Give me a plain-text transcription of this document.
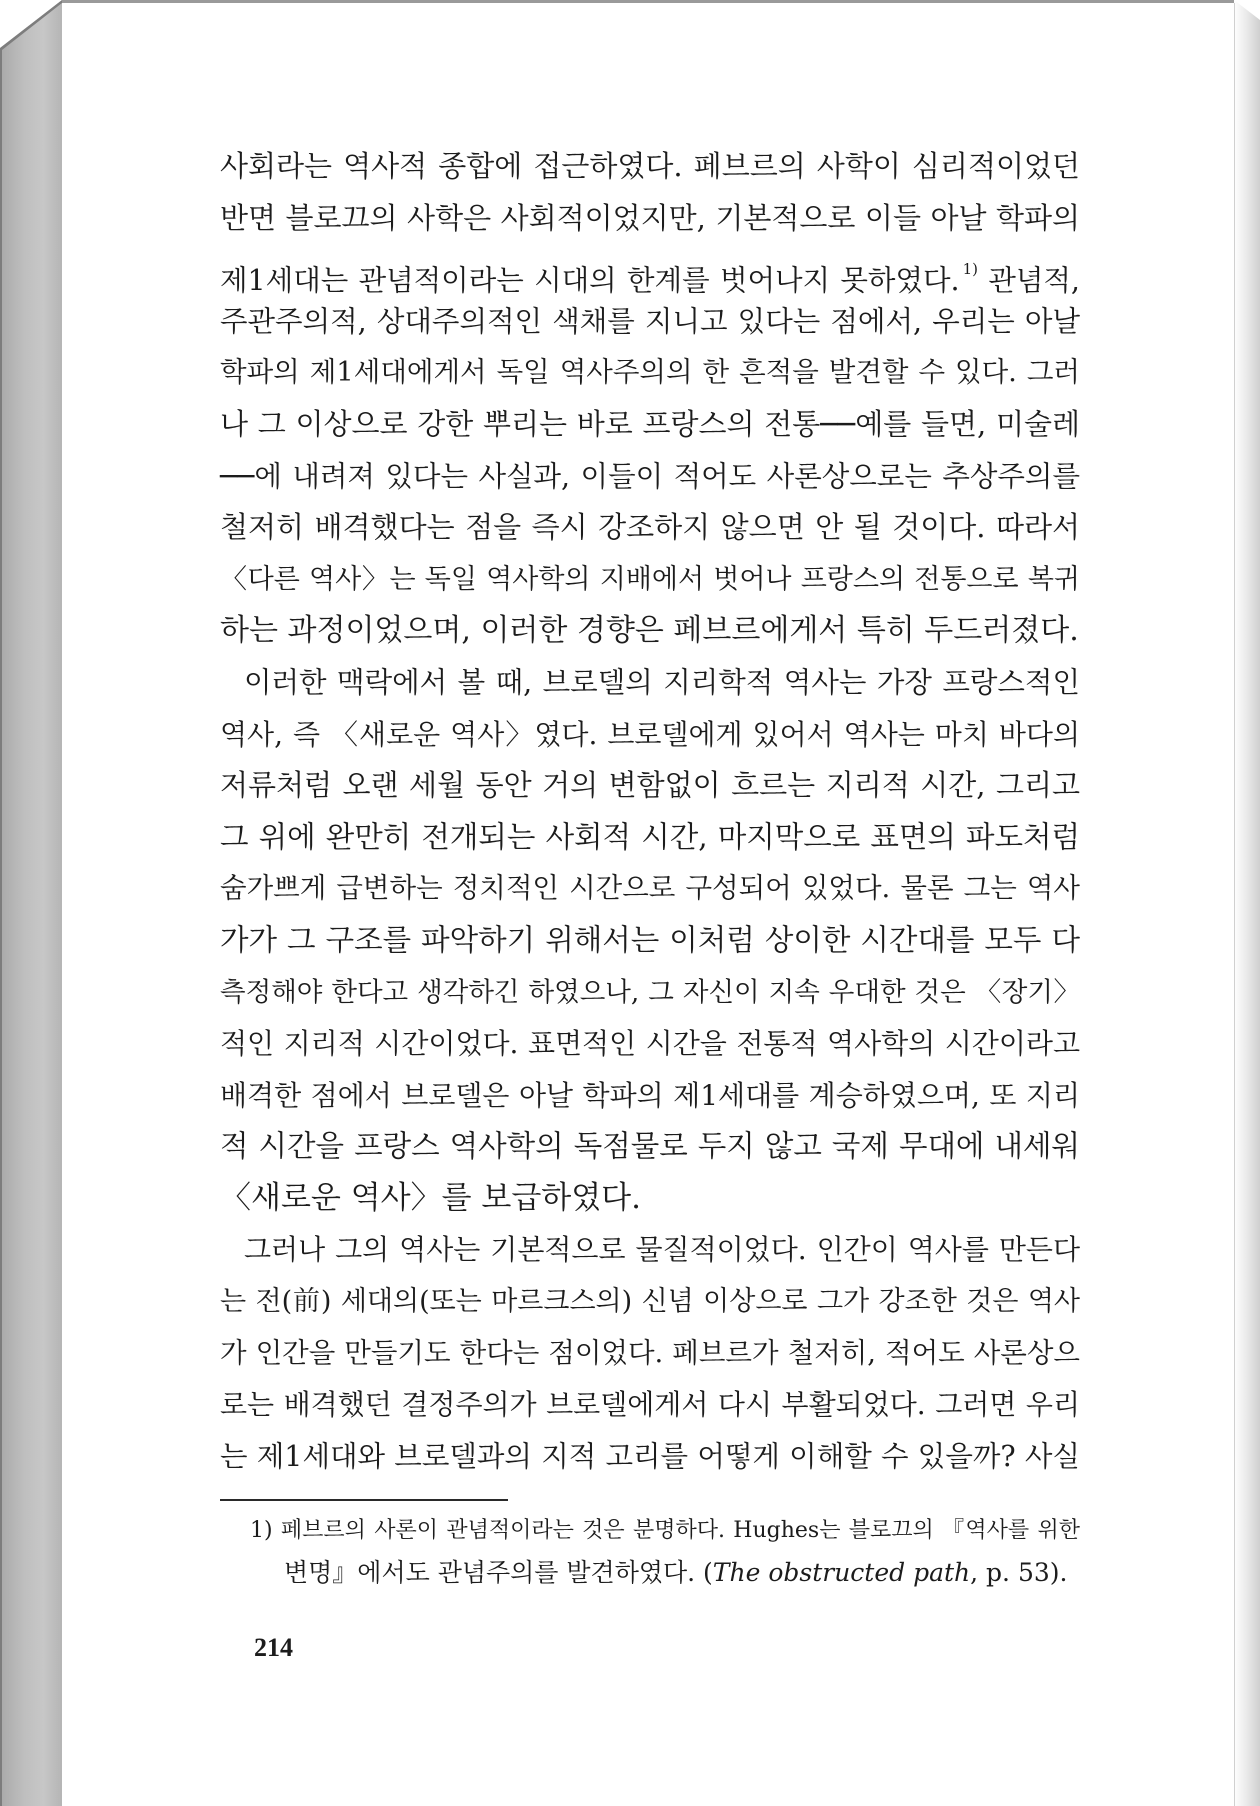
사회라는 역사적 종합에 접근하였다. 페브르의 사학이 심리적이었던
반면 블로끄의 사학은 사회적이었지만, 기본적으로 이들 아날 학파의
제1세대는 관념적이라는 시대의 한계를 벗어나지 못하였다. $^{1)}$ 관념적,
주관주의적, 상대주의적인 색채를 지니고 있다는 점에서, 우리는 아날
학파의 제1세대에게서 독일 역사주의의 한 흔적을 발견할 수 있다. 그러
나 그 이상으로 강한 뿌리는 바로 프랑스의 전통──예를 들면, 미술레
──에 내려져 있다는 사실과, 이들이 적어도 사론상으로는 추상주의를
철저히 배격했다는 점을 즉시 강조하지 않으면 안 될 것이다. 따라서
〈다른 역사〉는 독일 역사학의 지배에서 벗어나 프랑스의 전통으로 복귀
하는 과정이었으며, 이러한 경향은 페브르에게서 특히 두드러졌다.
이러한 맥락에서 볼 때, 브로델의 지리학적 역사는 가장 프랑스적인
역사, 즉 〈새로운 역사〉였다. 브로델에게 있어서 역사는 마치 바다의
저류처럼 오랜 세월 동안 거의 변함없이 흐르는 지리적 시간, 그리고
그 위에 완만히 전개되는 사회적 시간, 마지막으로 표면의 파도처럼
숨가쁘게 급변하는 정치적인 시간으로 구성되어 있었다. 물론 그는 역사
가가 그 구조를 파악하기 위해서는 이처럼 상이한 시간대를 모두 다
측정해야 한다고 생각하긴 하였으나, 그 자신이 지속 우대한 것은 〈장기〉
적인 지리적 시간이었다. 표면적인 시간을 전통적 역사학의 시간이라고
배격한 점에서 브로델은 아날 학파의 제1세대를 계승하였으며, 또 지리
적 시간을 프랑스 역사학의 독점물로 두지 않고 국제 무대에 내세워
〈새로운 역사〉를 보급하였다.
그러나 그의 역사는 기본적으로 물질적이었다. 인간이 역사를 만든다
는 전(前) 세대의(또는 마르크스의) 신념 이상으로 그가 강조한 것은 역사
가 인간을 만들기도 한다는 점이었다. 페브르가 철저히, 적어도 사론상으
로는 배격했던 결정주의가 브로델에게서 다시 부활되었다. 그러면 우리
는 제1세대와 브로델과의 지적 고리를 어떻게 이해할 수 있을까? 사실
1) 페브르의 사론이 관념적이라는 것은 분명하다. Hughes는 블로끄의 『역사를 위한
변명』에서도 관념주의를 발견하였다. (The obstructed path, p. 53).
214
